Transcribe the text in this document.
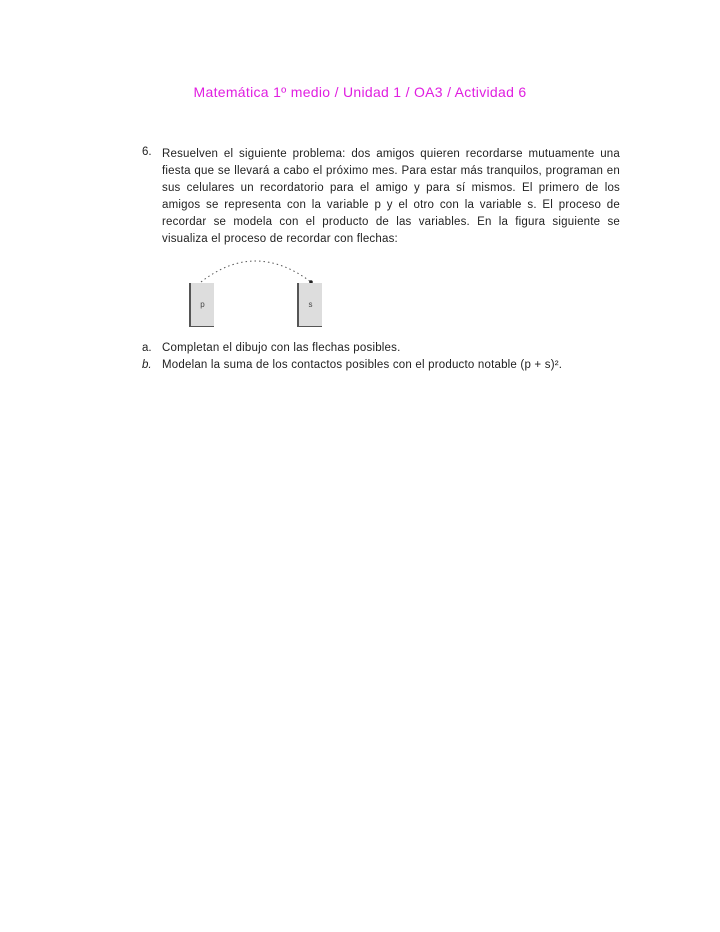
Matemática 1º medio / Unidad 1 / OA3 / Actividad 6
6. Resuelven el siguiente problema: dos amigos quieren recordarse mutuamente una fiesta que se llevará a cabo el próximo mes. Para estar más tranquilos, programan en sus celulares un recordatorio para el amigo y para sí mismos. El primero de los amigos se representa con la variable p y el otro con la variable s. El proceso de recordar se modela con el producto de las variables. En la figura siguiente se visualiza el proceso de recordar con flechas:
p	s
a. Completan el dibujo con las flechas posibles.
b. Modelan la suma de los contactos posibles con el producto notable (p + s)².
